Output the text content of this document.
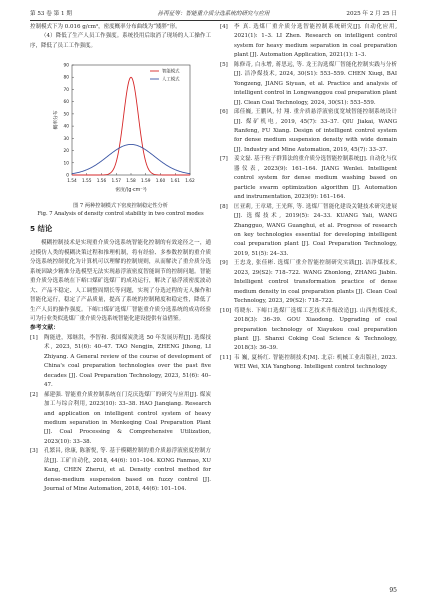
第 53 卷 第 1 期	孙再征等：智能重介质分选系统的研究与应用	2025 年 2 月 25 日

控制模式下为 0.016 g/cm³，密度概率分布曲线为“矮胖”形。

（4）降低了生产人员工作强度。系统投用后取消了现场的人工操作工序，降低了员工工作强度。

1.54 1.55 1.56 1.57 1.58 1.59 1.60 1.61 1.62
0
10
20
30
40
50
60
70
80
90
密度/(g·cm⁻³)
概率分布
智能模式
人工模式

图 7 两种控制模式下密度控制稳定性分析

Fig. 7 Analysis of density control stability in two control modes

5 结论

模糊控制技术是实现重介质分选系统智能化控制的有效途径之一，通过模仿人类的模糊决策过程和推理机制，将有经验、多参数控制的重介质分选系统控制优化为计算机可以理解的控制规则，从而解决了重介质分选系统因缺少精准分选模型无法实现悬浮液密度智能调节的控制问题。智能重介质分选系统在下峪口煤矿选煤厂的成功运行，解决了悬浮液密度波动大、产品不稳定、人工调整周期长等问题，实现了分选过程的无人操作和智能化运行，稳定了产品质量，提高了系统的控制精度和稳定性，降低了生产人员的操作强度。下峪口煤矿选煤厂智能重介质分选系统的成功经验可为行业类似选煤厂重介质分选系统智能化建设提供有益借鉴。

参考文献：

[1]	陶能进，郑继洪，李智和. 我国煤炭洗选 50 年发展历程[J]. 选煤技术, 2023, 51(6): 40–47. TAO Nengjin, ZHENG Jihong, LI Zhiyang. A General review of the course of development of China's coal preparation technologies over the past five decades [J]. Coal Preparation Technology, 2023, 51(6): 40–47.
[2]	郝建强. 智能重介质控制系统在门克庆选煤厂的研究与应用[J]. 煤炭加工与综合利用, 2023(10): 33–38. HAO Jianqiang. Research and application on intelligent control system of heavy medium separation in Menkeqing Coal Preparation Plant [J]. Coal Processing & Comprehensive Utilization, 2023(10): 33–38.
[3]	孔繁昌, 徐康, 陈浙悦, 等. 基于模糊控制的重介质悬浮液密度控制方法[J]. 工矿自动化, 2018, 44(6): 101–104. KONG Fanmao, XU Kang, CHEN Zherui, et al. Density control method for dense-medium suspension based on fuzzy control [J]. Journal of Mine Automation, 2018, 44(6): 101–104.
[4]	李 真. 选煤厂重介质分选智能控制系统研究[J]. 自动化应用, 2021(1): 1–3. LI Zhen. Research on intelligent control system for heavy medium separation in coal preparation plant [J]. Automation Application, 2021(1): 1–3.
[5]	陈修奇, 白永增, 蒋思远, 等. 龙王沟选煤厂智能化控制实践与分析[J]. 洁净煤技术, 2024, 30(S1): 553–559. CHEN Xiuqi, BAI Yongzeng, JIANG Siyuan, et al. Practice and analysis of intelligent control in Longwanggou coal preparation plant [J]. Clean Coal Technology, 2024, 30(S1): 553–559.
[6]	邱佳巍, 王鹏风, 付 翔. 重介质悬浮液密度宽域智能控制系统设计[J]. 煤矿机电, 2019, 45(7): 33–37. QIU Jiakai, WANG Ranfeng, FU Xiang. Design of intelligent control system for dense medium suspension density with wide domain [J]. Industry and Mine Automation, 2019, 45(7): 33–37.
[7]	姜文磊. 基于粒子群算法的重介质分选智能控制系统[J]. 自动化与仪器仪表, 2023(9): 161–164. JIANG Wenlei. Intelligent control system for dense medium washing based on particle swarm optimization algorithm [J]. Automation and instrumentation, 2023(9): 161–164.
[8]	匡亚莉, 王章珺, 王光辉, 等. 选煤厂智能化建设关键技术研究进展[J]. 选煤技术, 2019(5): 24–33. KUANG Yali, WANG Zhangguo, WANG Guanghui, et al. Progress of research on key technologies essential for developing intelligent coal preparation plant [J]. Coal Preparation Technology, 2019, 51(5): 24–33.
[9]	王忠龙, 张佳彬. 选煤厂重介智能控制研究实践[J]. 洁净煤技术, 2023, 29(S2): 718–722. WANG Zhonlong, ZHANG Jiabin. Intelligent control transformation practice of dense medium density in coal preparation plants [J]. Clean Coal Technology, 2023, 29(S2): 718–722.
[10] 苟晓东. 下峪口选煤厂选煤工艺技术升级改造[J]. 山西焦煤技术, 2018(3): 36–39. GOU Xiaodong. Upgrading of coal preparation technology of Xiayukou coal preparation plant [J]. Shanxi Coking Coal Science & Technology, 2018(3): 36–39.
[11] 韦 巍, 夏杨红. 智能控制技术[M]. 北京: 机械工业出版社, 2023. WEI Wei, XIA Yanghong. Intelligent control technology
95
